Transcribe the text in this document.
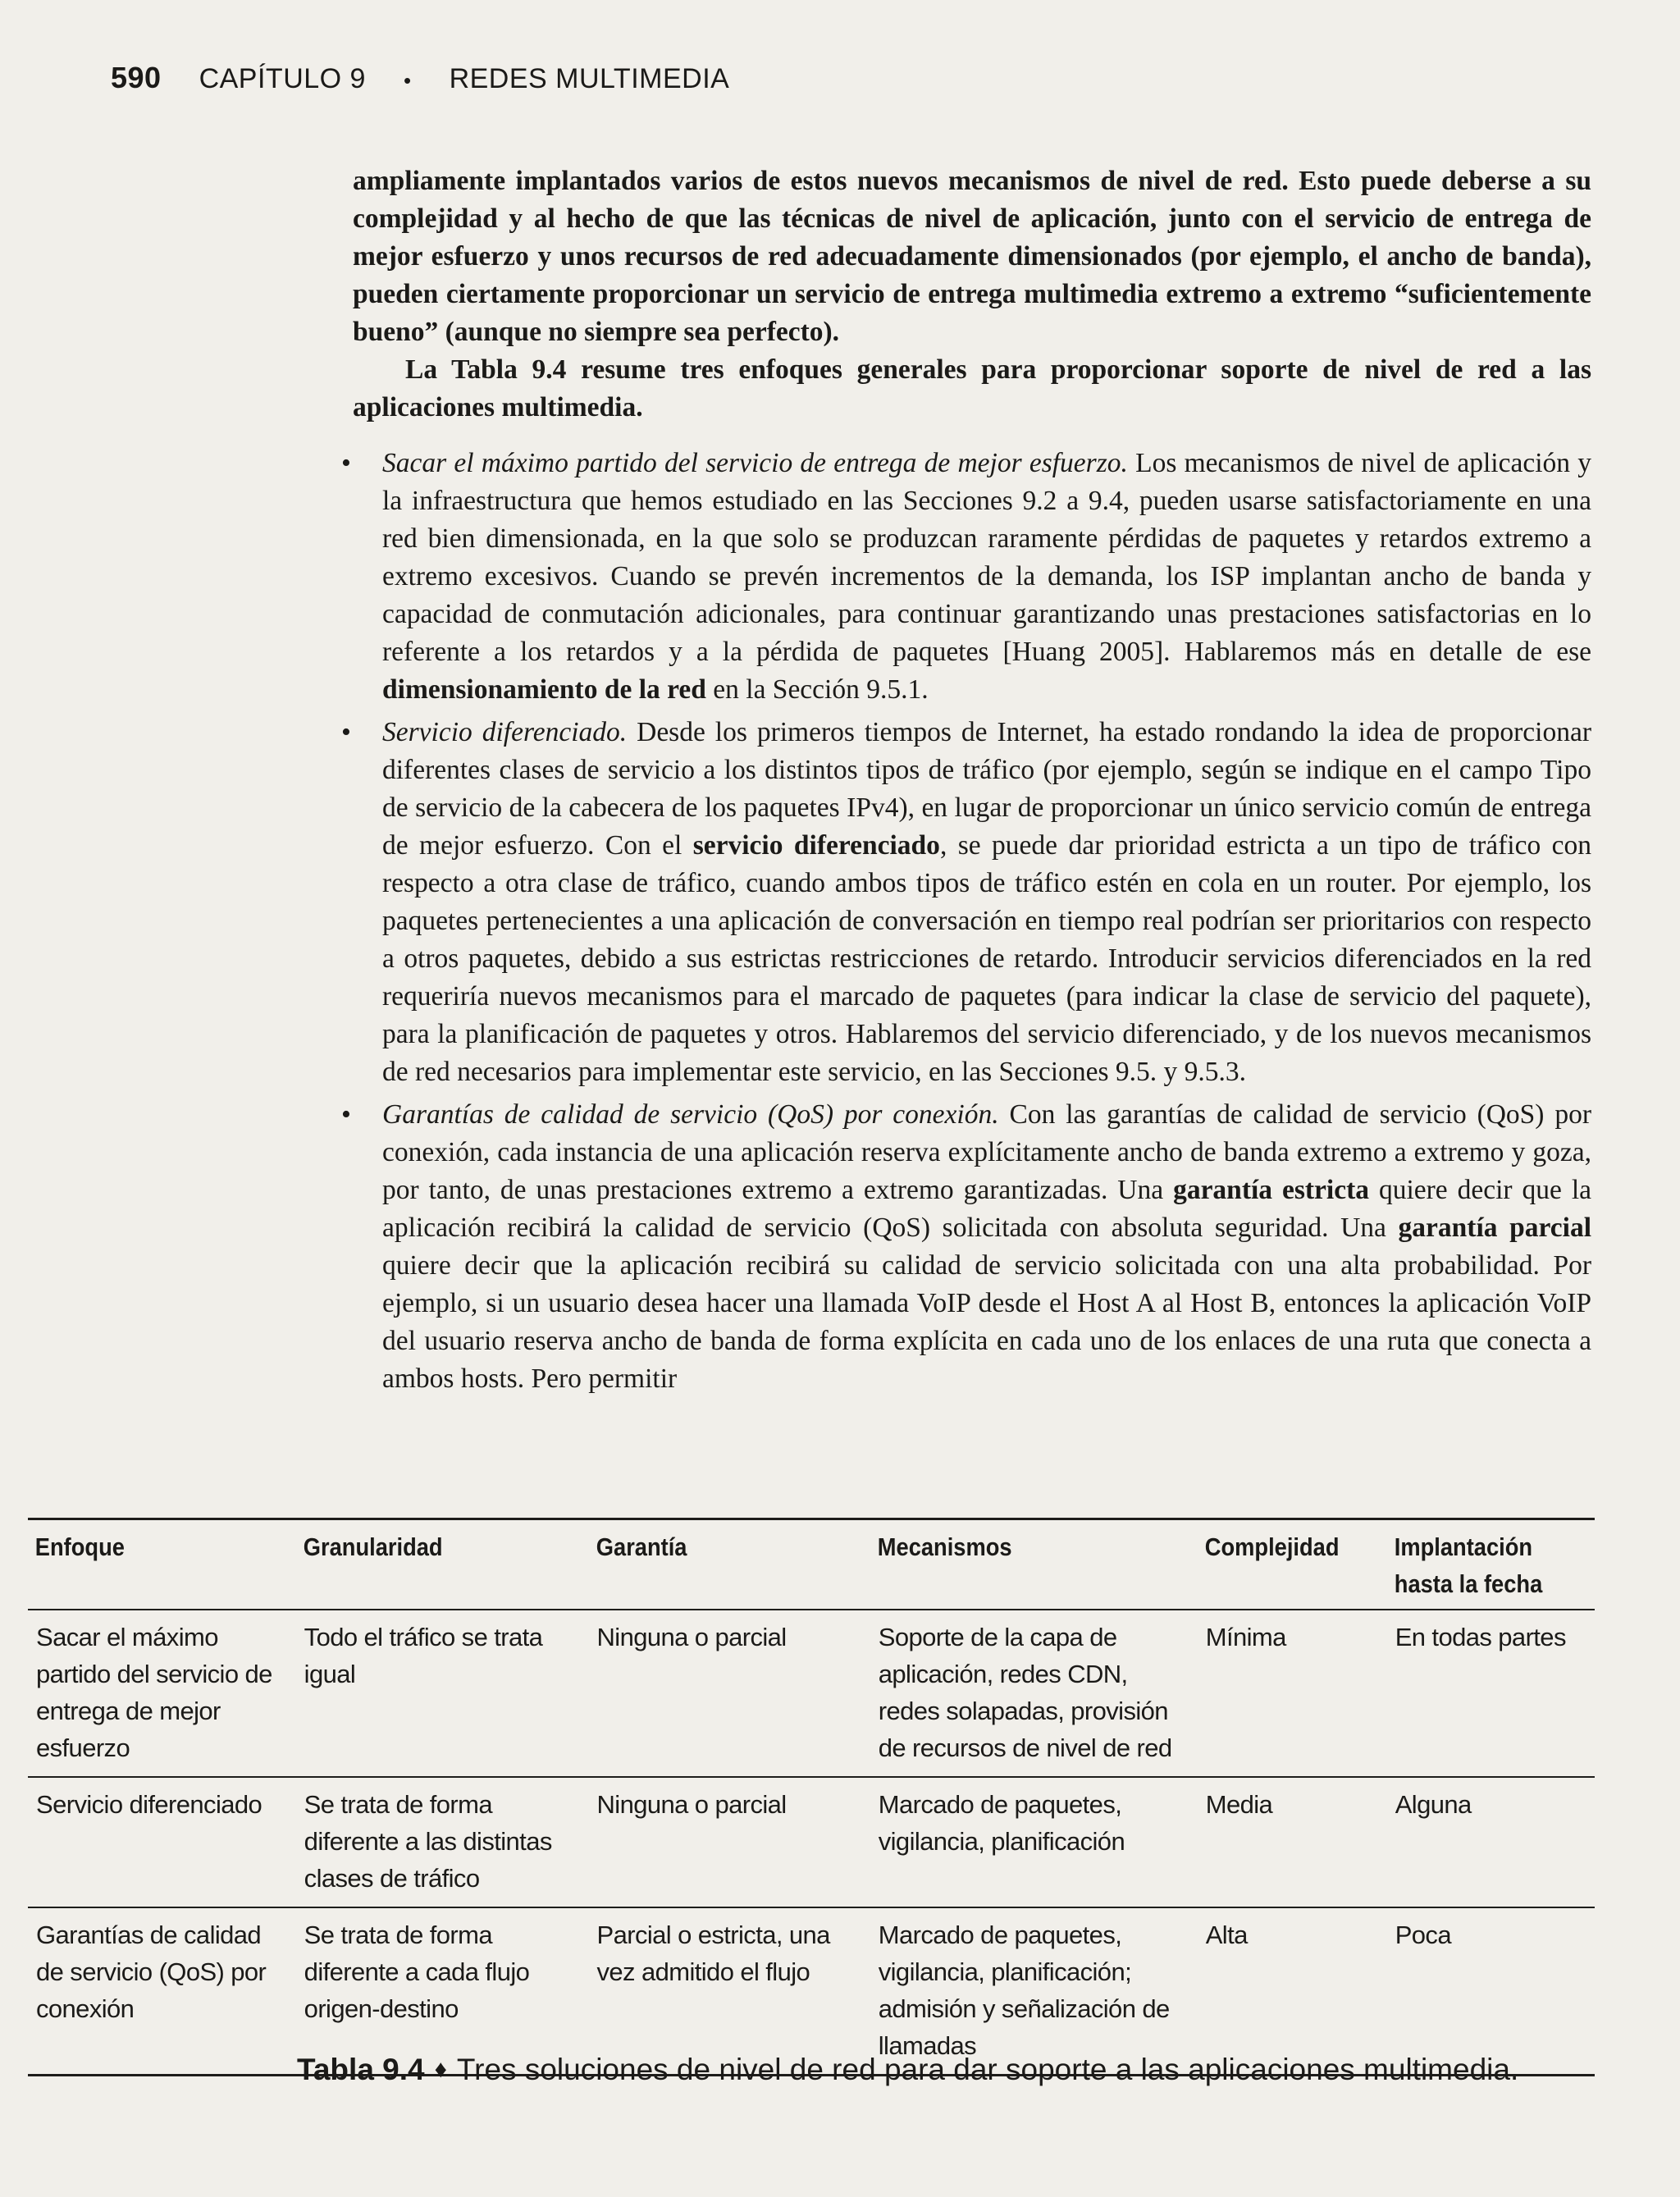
590 CAPÍTULO 9 • REDES MULTIMEDIA

ampliamente implantados varios de estos nuevos mecanismos de nivel de red. Esto puede deberse a su complejidad y al hecho de que las técnicas de nivel de aplicación, junto con el servicio de entrega de mejor esfuerzo y unos recursos de red adecuadamente dimensionados (por ejemplo, el ancho de banda), pueden ciertamente proporcionar un servicio de entrega multimedia extremo a extremo “suficientemente bueno” (aunque no siempre sea perfecto).

La Tabla 9.4 resume tres enfoques generales para proporcionar soporte de nivel de red a las aplicaciones multimedia.

• Sacar el máximo partido del servicio de entrega de mejor esfuerzo. Los mecanismos de nivel de aplicación y la infraestructura que hemos estudiado en las Secciones 9.2 a 9.4, pueden usarse satisfactoriamente en una red bien dimensionada, en la que solo se produzcan raramente pérdidas de paquetes y retardos extremo a extremo excesivos. Cuando se prevén incrementos de la demanda, los ISP implantan ancho de banda y capacidad de conmutación adicionales, para continuar garantizando unas prestaciones satisfactorias en lo referente a los retardos y a la pérdida de paquetes [Huang 2005]. Hablaremos más en detalle de ese dimensionamiento de la red en la Sección 9.5.1.
• Servicio diferenciado. Desde los primeros tiempos de Internet, ha estado rondando la idea de proporcionar diferentes clases de servicio a los distintos tipos de tráfico (por ejemplo, según se indique en el campo Tipo de servicio de la cabecera de los paquetes IPv4), en lugar de proporcionar un único servicio común de entrega de mejor esfuerzo. Con el servicio diferenciado, se puede dar prioridad estricta a un tipo de tráfico con respecto a otra clase de tráfico, cuando ambos tipos de tráfico estén en cola en un router. Por ejemplo, los paquetes pertenecientes a una aplicación de conversación en tiempo real podrían ser prioritarios con respecto a otros paquetes, debido a sus estrictas restricciones de retardo. Introducir servicios diferenciados en la red requeriría nuevos mecanismos para el marcado de paquetes (para indicar la clase de servicio del paquete), para la planificación de paquetes y otros. Hablaremos del servicio diferenciado, y de los nuevos mecanismos de red necesarios para implementar este servicio, en las Secciones 9.5. y 9.5.3.
• Garantías de calidad de servicio (QoS) por conexión. Con las garantías de calidad de servicio (QoS) por conexión, cada instancia de una aplicación reserva explícitamente ancho de banda extremo a extremo y goza, por tanto, de unas prestaciones extremo a extremo garantizadas. Una garantía estricta quiere decir que la aplicación recibirá la calidad de servicio (QoS) solicitada con absoluta seguridad. Una garantía parcial quiere decir que la aplicación recibirá su calidad de servicio solicitada con una alta probabilidad. Por ejemplo, si un usuario desea hacer una llamada VoIP desde el Host A al Host B, entonces la aplicación VoIP del usuario reserva ancho de banda de forma explícita en cada uno de los enlaces de una ruta que conecta a ambos hosts. Pero permitir
Enfoque	Granularidad	Garantía	Mecanismos	Complejidad	Implantación hasta la fecha
Sacar el máximo partido del servicio de entrega de mejor esfuerzo	Todo el tráfico se trata igual	Ninguna o parcial	Soporte de la capa de aplicación, redes CDN, redes solapadas, provisión de recursos de nivel de red	Mínima	En todas partes
Servicio diferenciado	Se trata de forma diferente a las distintas clases de tráfico	Ninguna o parcial	Marcado de paquetes, vigilancia, planificación	Media	Alguna
Garantías de calidad de servicio (QoS) por conexión	Se trata de forma diferente a cada flujo origen-destino	Parcial o estricta, una vez admitido el flujo	Marcado de paquetes, vigilancia, planificación; admisión y señalización de llamadas	Alta	Poca
Tabla 9.4 ♦ Tres soluciones de nivel de red para dar soporte a las aplicaciones multimedia.
